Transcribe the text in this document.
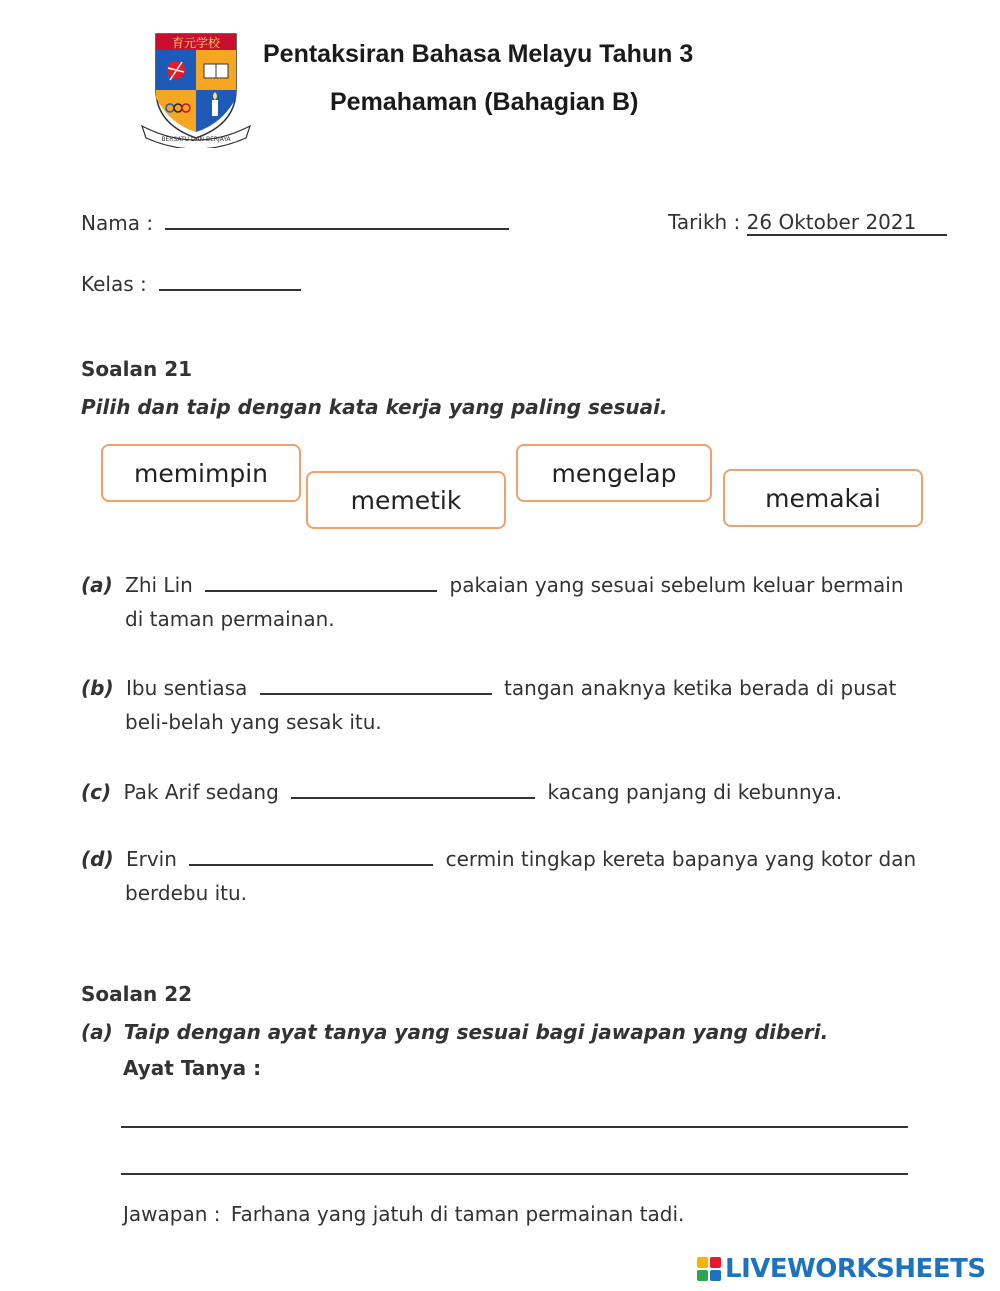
育元学校
BERSATU DAN BERJAYA
Pentaksiran Bahasa Melayu Tahun 3
Pemahaman (Bahagian B)
Nama :	Tarikh : 26 Oktober 2021
Kelas :
Soalan 21
Pilih dan taip dengan kata kerja yang paling sesuai.
memimpin
memetik
mengelap
memakai
(a) Zhi Lin	pakaian yang sesuai sebelum keluar bermain
di taman permainan.
(b) Ibu sentiasa	tangan anaknya ketika berada di pusat
beli-belah yang sesak itu.
(c) Pak Arif sedang	kacang panjang di kebunnya.
(d) Ervin	cermin tingkap kereta bapanya yang kotor dan
berdebu itu.
Soalan 22
(a) Taip dengan ayat tanya yang sesuai bagi jawapan yang diberi.
Ayat Tanya :
Jawapan : Farhana yang jatuh di taman permainan tadi.
LIVEWORKSHEETS
